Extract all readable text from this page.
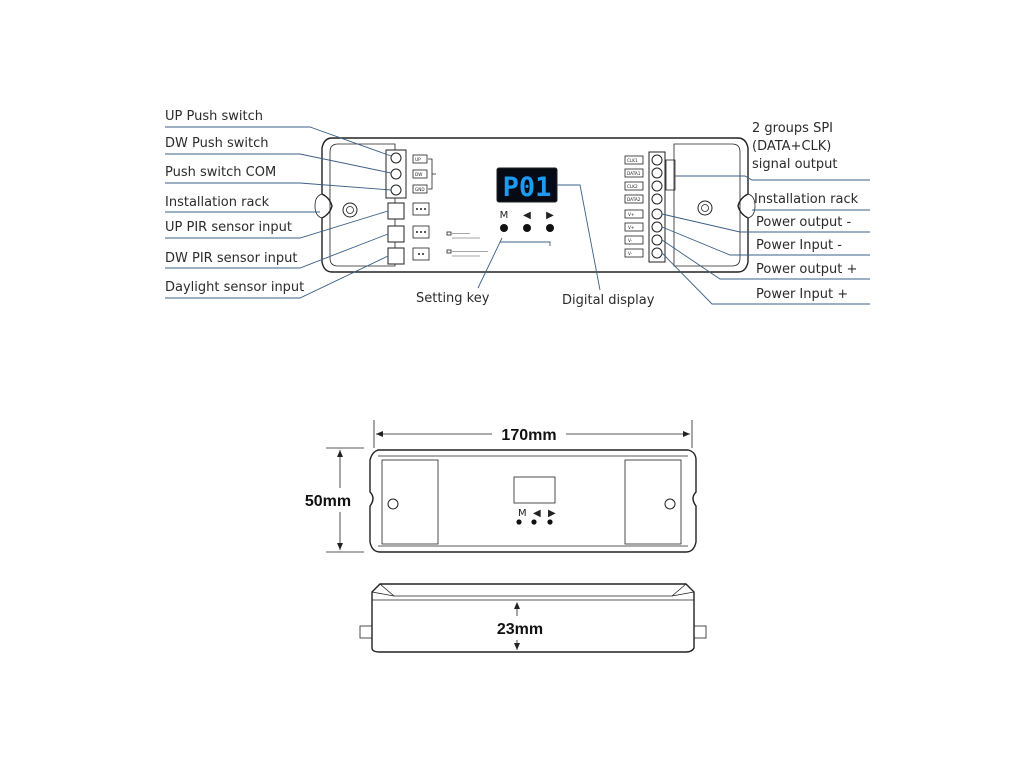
UP
DW
GND	P01
M ◀ ▶
CLK1
DATA1
CLK2
DATA2
V+
V+
V-
V-
UP Push switch
DW Push switch
Push switch COM
Installation rack
UP PIR sensor input
DW PIR sensor input
Daylight sensor input
2 groups SPI
(DATA+CLK)
signal output
Installation rack
Power output -
Power Input -
Power output +
Power Input +
Setting key	Digital display
170mm
50mm
M ◀ ▶
23mm
